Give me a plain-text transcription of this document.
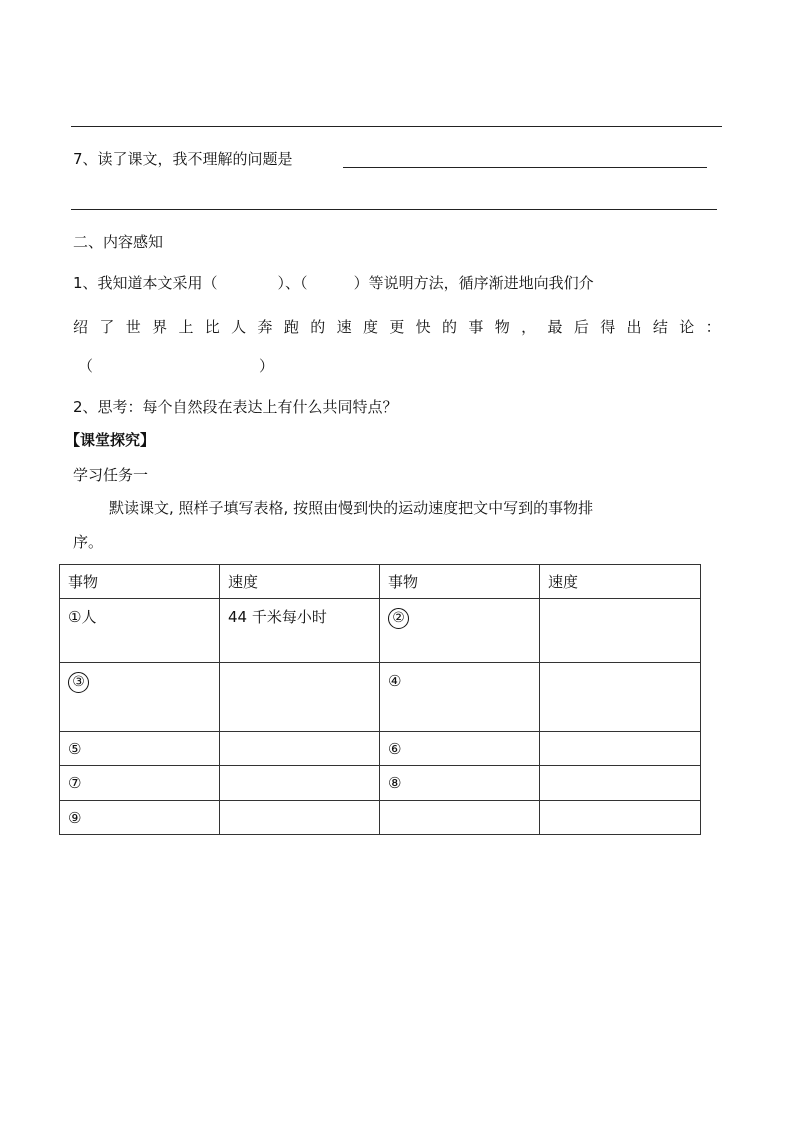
7、读了课文，我不理解的问题是
二、内容感知
1、我知道本文采用（	）、（	）等说明方法，循序渐进地向我们介
绍 了 世 界 上 比 人 奔 跑 的 速 度 更 快 的 事 物 ， 最 后 得 出 结 论 ：
（	）
2、思考：每个自然段在表达上有什么共同特点？
【课堂探究】
学习任务一
默读课文, 照样子填写表格, 按照由慢到快的运动速度把文中写到的事物排
序。
事物	速度	事物	速度
①人	44 千米每小时	②	
③		④	
⑤		⑥	
⑦		⑧	
⑨			
